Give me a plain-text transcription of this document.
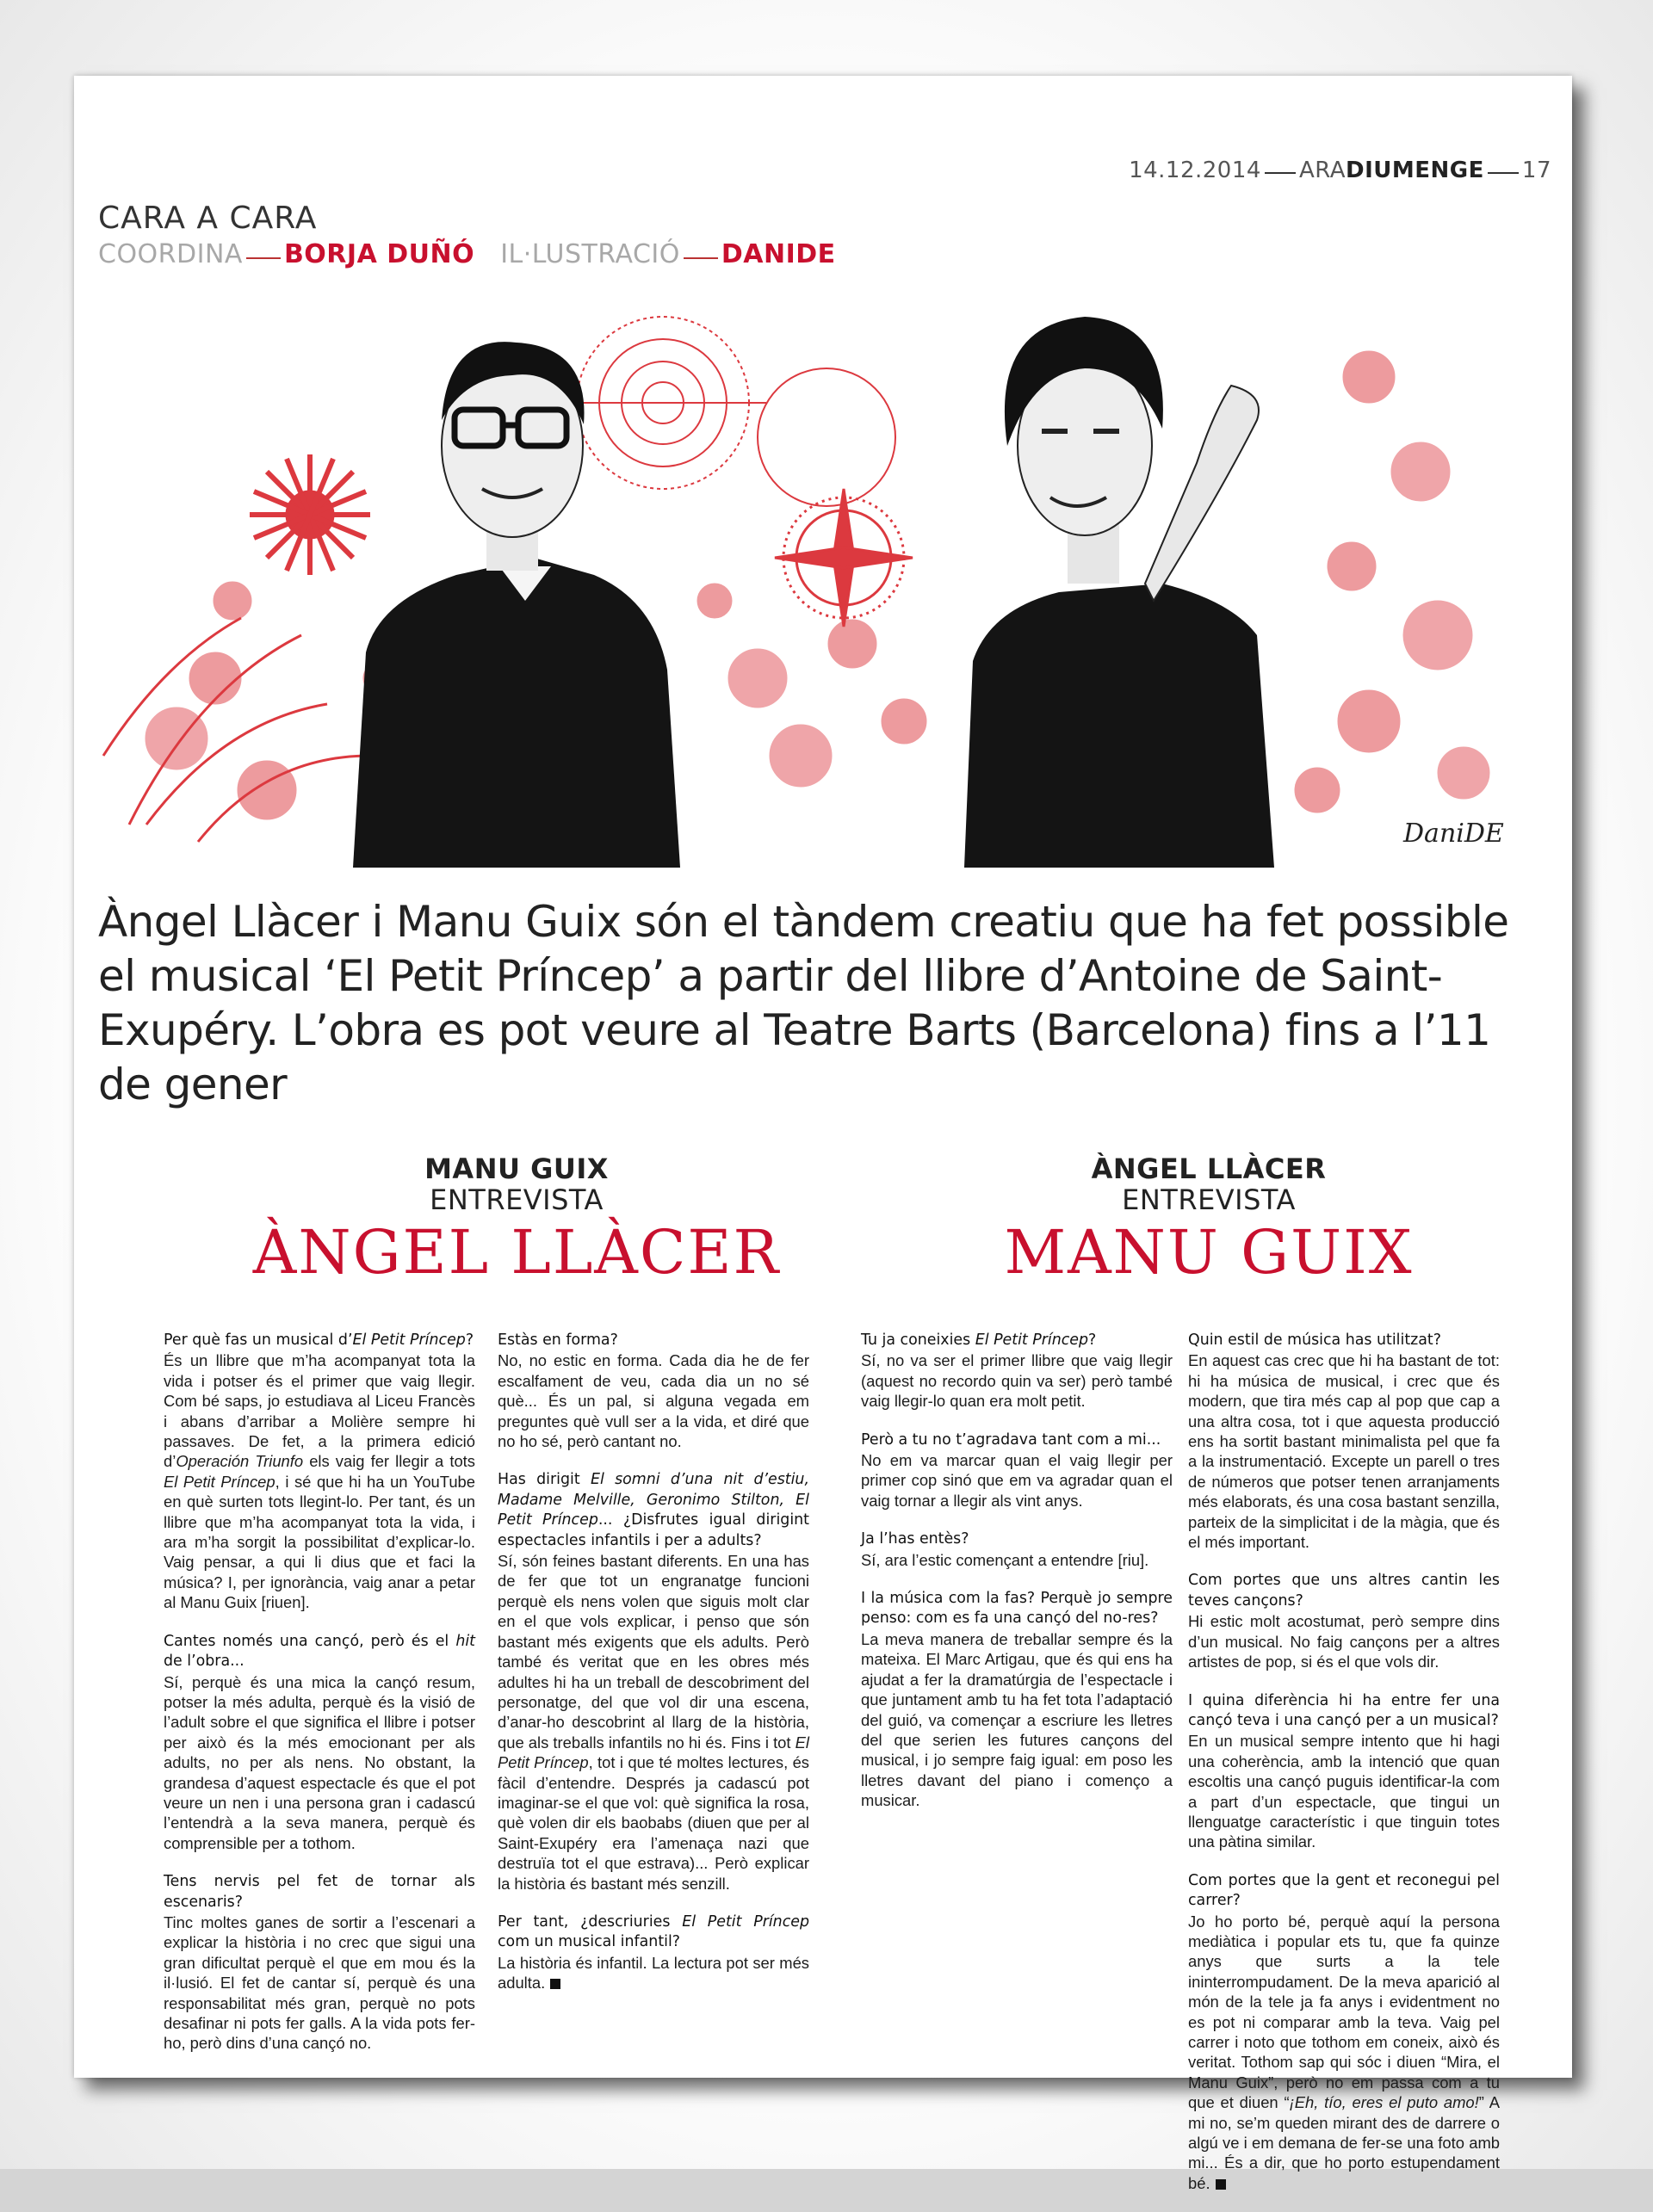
14.12.2014 ARADIUMENGE 17
CARA A CARA
COORDINA BORJA DUÑÓ IL·LUSTRACIÓ DANIDE
DaniDE
Àngel Llàcer i Manu Guix són el tàndem creatiu que ha fet possible el musical ‘El Petit Príncep’ a partir del llibre d’Antoine de Saint-Exupéry. L’obra es pot veure al Teatre Barts (Barcelona) fins a l’11 de gener
MANU GUIX
ENTREVISTA
ÀNGEL LLÀCER
ÀNGEL LLÀCER
ENTREVISTA
MANU GUIX

Per què fas un musical d’El Petit Príncep?
És un llibre que m’ha acompanyat tota la vida i potser és el primer que vaig llegir. Com bé saps, jo estudiava al Liceu Francès i abans d’arribar a Molière sempre hi passaves. De fet, a la primera edició d’Operación Triunfo els vaig fer llegir a tots El Petit Príncep, i sé que hi ha un YouTube en què surten tots llegint-lo. Per tant, és un llibre que m’ha acompanyat tota la vida, i ara m’ha sorgit la possibilitat d’explicar-lo. Vaig pensar, a qui li dius que et faci la música? I, per ignorància, vaig anar a petar al Manu Guix [riuen].

Cantes només una cançó, però és el hit de l’obra...
Sí, perquè és una mica la cançó resum, potser la més adulta, perquè és la visió de l’adult sobre el que significa el llibre i potser per això és la més emocionant per als adults, no per als nens. No obstant, la grandesa d’aquest espectacle és que el pot veure un nen i una persona gran i cadascú l’entendrà a la seva manera, perquè és comprensible per a tothom.

Tens nervis pel fet de tornar als escenaris?
Tinc moltes ganes de sortir a l’escenari a explicar la història i no crec que sigui una gran dificultat perquè el que em mou és la il·lusió. El fet de cantar sí, perquè és una responsabilitat més gran, perquè no pots desafinar ni pots fer galls. A la vida pots fer-ho, però dins d’una cançó no.

Estàs en forma?
No, no estic en forma. Cada dia he de fer escalfament de veu, cada dia un no sé què... És un pal, si alguna vegada em preguntes què vull ser a la vida, et diré que no ho sé, però cantant no.

Has dirigit El somni d’una nit d’estiu, Madame Melville, Geronimo Stilton, El Petit Príncep... ¿Disfrutes igual dirigint espectacles infantils i per a adults?
Sí, són feines bastant diferents. En una has de fer que tot un engranatge funcioni perquè els nens volen que siguis molt clar en el que vols explicar, i penso que són bastant més exigents que els adults. Però també és veritat que en les obres més adultes hi ha un treball de descobriment del personatge, del que vol dir una escena, d’anar-ho descobrint al llarg de la història, que als treballs infantils no hi és. Fins i tot El Petit Príncep, tot i que té moltes lectures, és fàcil d’entendre. Després ja cadascú pot imaginar-se el que vol: què significa la rosa, què volen dir els baobabs (diuen que per al Saint-Exupéry era l’amenaça nazi que destruïa tot el que estrava)... Però explicar la història és bastant més senzill.

Per tant, ¿descriuries El Petit Príncep com un musical infantil?
La història és infantil. La lectura pot ser més adulta.

Tu ja coneixies El Petit Príncep?
Sí, no va ser el primer llibre que vaig llegir (aquest no recordo quin va ser) però també vaig llegir-lo quan era molt petit.

Però a tu no t’agradava tant com a mi...
No em va marcar quan el vaig llegir per primer cop sinó que em va agradar quan el vaig tornar a llegir als vint anys.

Ja l’has entès?
Sí, ara l’estic començant a entendre [riu].

I la música com la fas? Perquè jo sempre penso: com es fa una cançó del no-res?
La meva manera de treballar sempre és la mateixa. El Marc Artigau, que és qui ens ha ajudat a fer la dramatúrgia de l’espectacle i que juntament amb tu ha fet tota l’adaptació del guió, va començar a escriure les lletres del que serien les futures cançons del musical, i jo sempre faig igual: em poso les lletres davant del piano i començo a musicar.

Quin estil de música has utilitzat?
En aquest cas crec que hi ha bastant de tot: hi ha música de musical, i crec que és modern, que tira més cap al pop que cap a una altra cosa, tot i que aquesta producció ens ha sortit bastant minimalista pel que fa a la instrumentació. Excepte un parell o tres de números que potser tenen arranjaments més elaborats, és una cosa bastant senzilla, parteix de la simplicitat i de la màgia, que és el més important.

Com portes que uns altres cantin les teves cançons?
Hi estic molt acostumat, però sempre dins d’un musical. No faig cançons per a altres artistes de pop, si és el que vols dir.

I quina diferència hi ha entre fer una cançó teva i una cançó per a un musical?
En un musical sempre intento que hi hagi una coherència, amb la intenció que quan escoltis una cançó puguis identificar-la com a part d’un espectacle, que tingui un llenguatge característic i que tinguin totes una pàtina similar.

Com portes que la gent et reconegui pel carrer?
Jo ho porto bé, perquè aquí la persona mediàtica i popular ets tu, que fa quinze anys que surts a la tele ininterrompudament. De la meva aparició al món de la tele ja fa anys i evidentment no es pot ni comparar amb la teva. Vaig pel carrer i noto que tothom em coneix, això és veritat. Tothom sap qui sóc i diuen “Mira, el Manu Guix”, però no em passa com a tu que et diuen “¡Eh, tío, eres el puto amo!” A mi no, se’m queden mirant des de darrere o algú ve i em demana de fer-se una foto amb mi... És a dir, que ho porto estupendament bé.
